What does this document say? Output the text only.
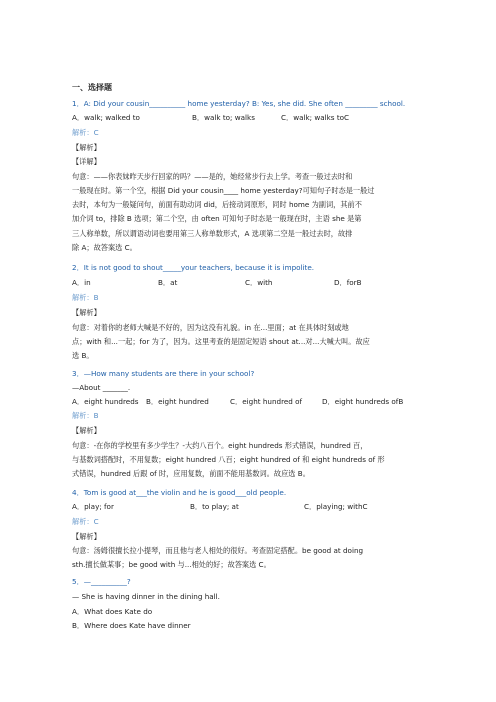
一、选择题
1．A: Did your cousin__________ home yesterday? B: Yes, she did. She often _________ school.
A．walk; walked to	B．walk to; walks	C．walk; walks toC
解析：C
【解析】
【详解】
句意：——你表妹昨天步行回家的吗？——是的，她经常步行去上学。考查一般过去时和
一般现在时。第一个空，根据 Did your cousin____ home yesterday?可知句子时态是一般过
去时，本句为一般疑问句，前面有助动词 did，后接动词原形，同时 home 为副词，其前不
加介词 to，排除 B 选项；第二个空，由 often 可知句子时态是一般现在时，主语 she 是第
三人称单数，所以谓语动词也要用第三人称单数形式，A 选项第二空是一般过去时，故排
除 A；故答案选 C。
2．It is not good to shout_____your teachers, because it is impolite.
A．in	B．at	C．with	D．forB
解析：B
【解析】
句意：对着你的老师大喊是不好的，因为这没有礼貌。in 在...里面；at 在具体时刻或地
点；with 和...一起；for 为了，因为。这里考查的是固定短语 shout at...对...大喊大叫。故应
选 B。
3．—How many students are there in your school?
—About _______.
A．eight hundreds B．eight hundred	C．eight hundred of	D．eight hundreds ofB
解析：B
【解析】
句意：-在你的学校里有多少学生？-大约八百个。eight hundreds 形式错误，hundred 百，
与基数词搭配时，不用复数；eight hundred 八百；eight hundred of 和 eight hundreds of 形
式错误，hundred 后跟 of 时，应用复数，前面不能用基数词。故应选 B。
4．Tom is good at___the violin and he is good___old people.
A．play; for	B．to play; at	C．playing; withC
解析：C
【解析】
句意：汤姆很擅长拉小提琴，而且他与老人相处的很好。考查固定搭配。be good at doing
sth.擅长做某事；be good with 与...相处的好；故答案选 C。
5．—__________?
— She is having dinner in the dining hall.
A．What does Kate do
B．Where does Kate have dinner
